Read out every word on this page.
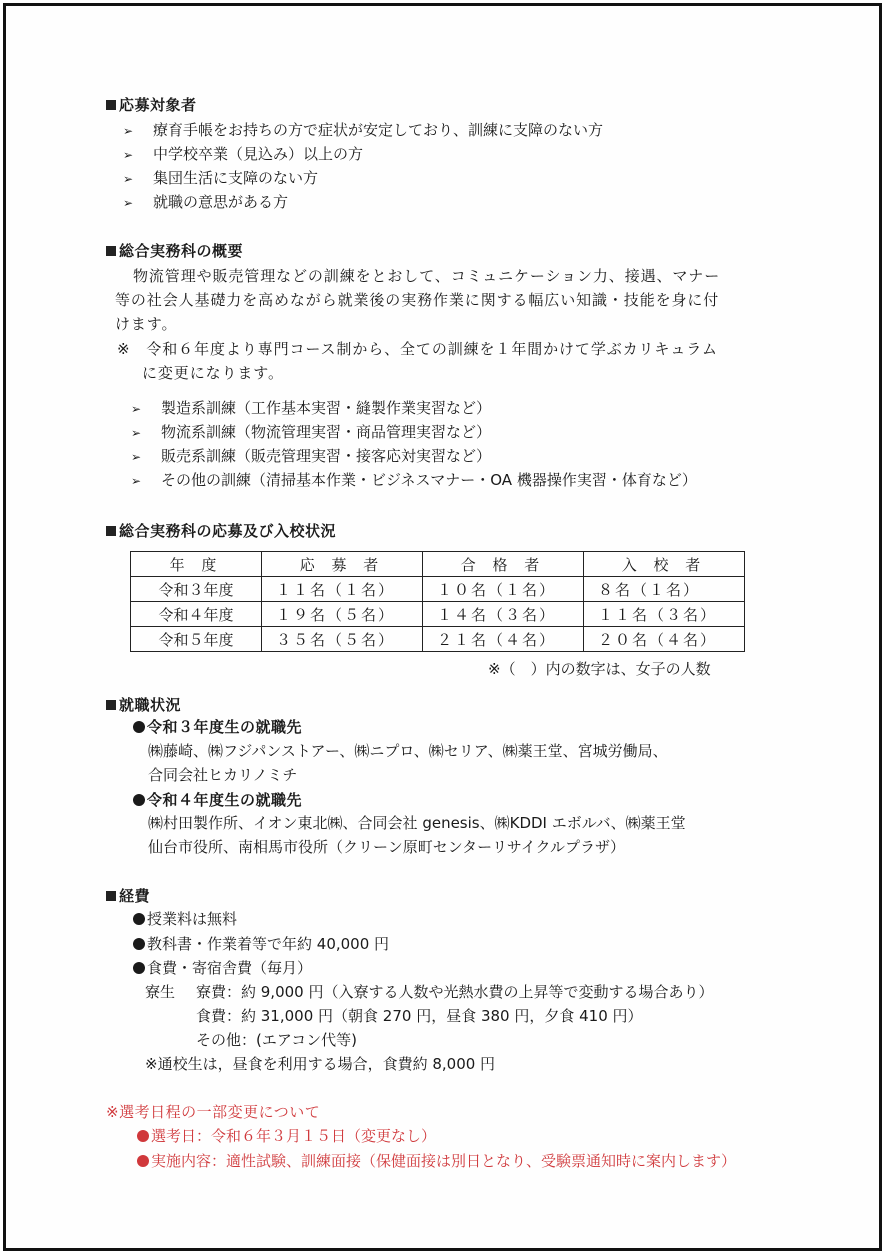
応募対象者
➢ 療育手帳をお持ちの方で症状が安定しており、訓練に支障のない方
➢ 中学校卒業（見込み）以上の方
➢ 集団生活に支障のない方
➢ 就職の意思がある方
総合実務科の概要
物流管理や販売管理などの訓練をとおして、コミュニケーション力、接遇、マナー
等の社会人基礎力を高めながら就業後の実務作業に関する幅広い知識・技能を身に付
けます。
※　令和６年度より専門コース制から、全ての訓練を１年間かけて学ぶカリキュラム
に変更になります。
➢ 製造系訓練（工作基本実習・縫製作業実習など）
➢ 物流系訓練（物流管理実習・商品管理実習など）
➢ 販売系訓練（販売管理実習・接客応対実習など）
➢ その他の訓練（清掃基本作業・ビジネスマナー・OA 機器操作実習・体育など）
総合実務科の応募及び入校状況
年 度	応 募 者	合 格 者	入 校 者
令和３年度	１１名（１名）	１０名（１名）	８名（１名）
令和４年度	１９名（５名）	１４名（３名）	１１名（３名）
令和５年度	３５名（５名）	２１名（４名）	２０名（４名）
※（　）内の数字は、女子の人数
就職状況
令和３年度生の就職先
㈱藤崎、㈱フジパンストアー、㈱ニプロ、㈱セリア、㈱薬王堂、宮城労働局、
合同会社ヒカリノミチ
令和４年度生の就職先
㈱村田製作所、イオン東北㈱、合同会社 genesis、㈱KDDI エボルバ、㈱薬王堂
仙台市役所、南相馬市役所（クリーン原町センターリサイクルプラザ）
経費
授業料は無料
教科書・作業着等で年約 40,000 円
食費・寄宿舎費（毎月）
寮生 寮費：約 9,000 円（入寮する人数や光熱水費の上昇等で変動する場合あり）
食費：約 31,000 円（朝食 270 円，昼食 380 円，夕食 410 円）
その他：(エアコン代等)
※通校生は，昼食を利用する場合，食費約 8,000 円
※選考日程の一部変更について
選考日：令和６年３月１５日（変更なし）
実施内容：適性試験、訓練面接（保健面接は別日となり、受験票通知時に案内します）
